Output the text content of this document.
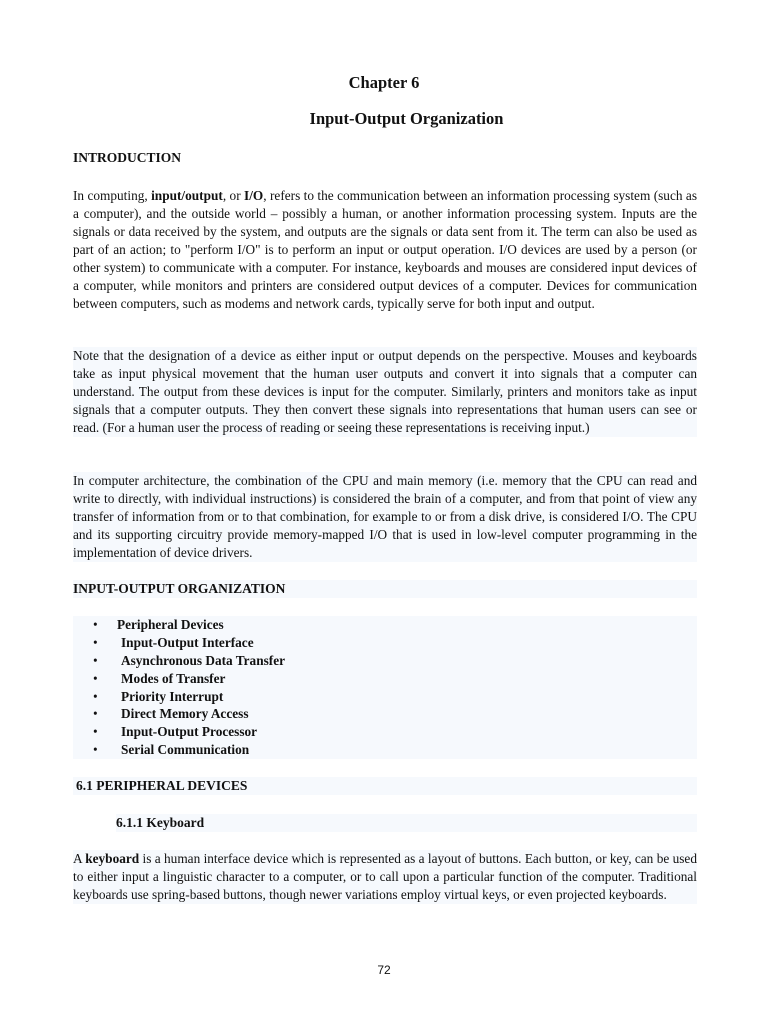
Chapter 6
Input-Output Organization
INTRODUCTION

In computing, input/output, or I/O, refers to the communication between an information processing system (such as a computer), and the outside world – possibly a human, or another information processing system. Inputs are the signals or data received by the system, and outputs are the signals or data sent from it. The term can also be used as part of an action; to "perform I/O" is to perform an input or output operation. I/O devices are used by a person (or other system) to communicate with a computer. For instance, keyboards and mouses are considered input devices of a computer, while monitors and printers are considered output devices of a computer. Devices for communication between computers, such as modems and network cards, typically serve for both input and output.

Note that the designation of a device as either input or output depends on the perspective. Mouses and keyboards take as input physical movement that the human user outputs and convert it into signals that a computer can understand. The output from these devices is input for the computer. Similarly, printers and monitors take as input signals that a computer outputs. They then convert these signals into representations that human users can see or read. (For a human user the process of reading or seeing these representations is receiving input.)

In computer architecture, the combination of the CPU and main memory (i.e. memory that the CPU can read and write to directly, with individual instructions) is considered the brain of a computer, and from that point of view any transfer of information from or to that combination, for example to or from a disk drive, is considered I/O. The CPU and its supporting circuitry provide memory-mapped I/O that is used in low-level computer programming in the implementation of device drivers.

INPUT-OUTPUT ORGANIZATION
• Peripheral Devices
• Input-Output Interface
• Asynchronous Data Transfer
• Modes of Transfer
• Priority Interrupt
• Direct Memory Access
• Input-Output Processor
• Serial Communication
6.1 PERIPHERAL DEVICES
6.1.1 Keyboard

A keyboard is a human interface device which is represented as a layout of buttons. Each button, or key, can be used to either input a linguistic character to a computer, or to call upon a particular function of the computer. Traditional keyboards use spring-based buttons, though newer variations employ virtual keys, or even projected keyboards.

72
